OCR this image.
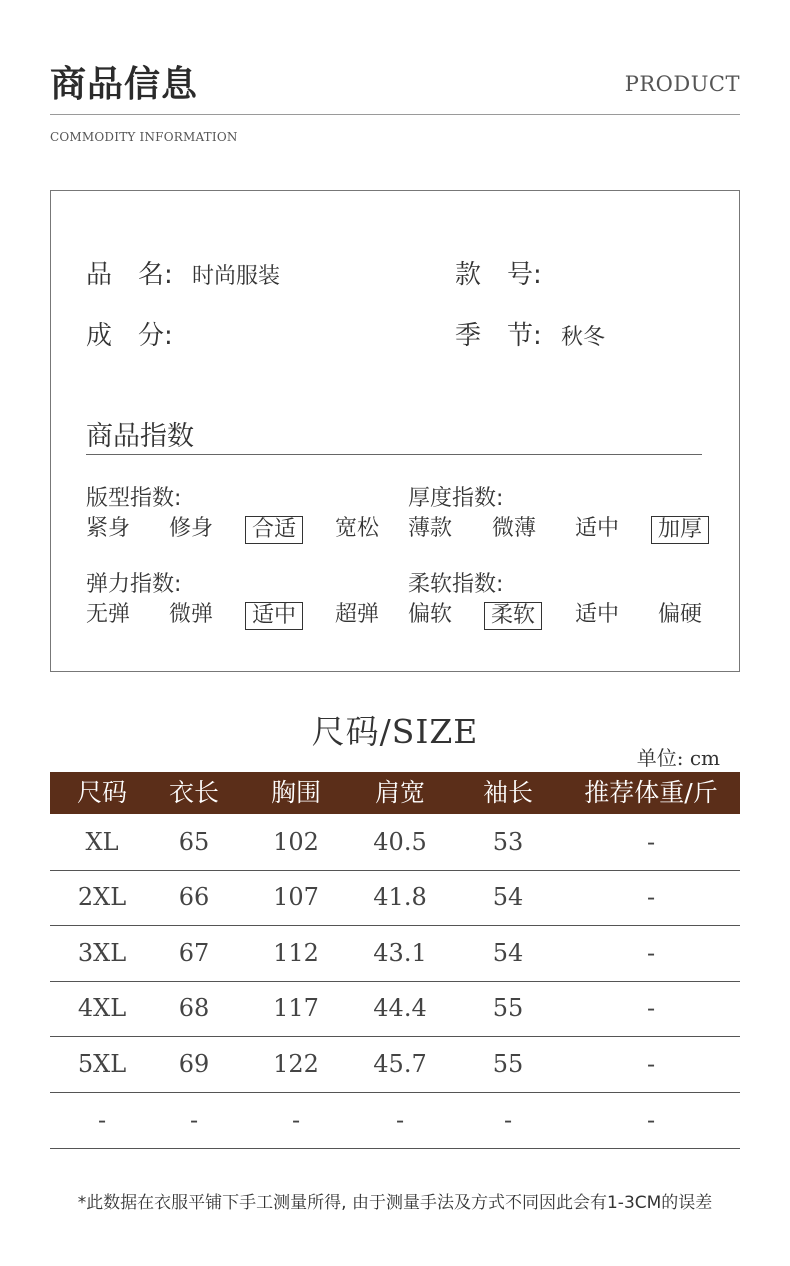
商品信息	PRODUCT
COMMODITY INFORMATION
品　名: 时尚服装	款　号:
成　分:	季　节: 秋冬
商品指数
版型指数:
紧身 修身	合适	宽松
厚度指数:
薄款 微薄 适中	加厚
弹力指数:
无弹 微弹	适中	超弹
柔软指数:
偏软	柔软	适中 偏硬
尺码/SIZE
单位: cm
尺码	衣长	胸围	肩宽	袖长	推荐体重/斤
XL	65	102	40.5	53	-
2XL	66	107	41.8	54	-
3XL	67	112	43.1	54	-
4XL	68	117	44.4	55	-
5XL	69	122	45.7	55	-
-	-	-	-	-	-
*此数据在衣服平铺下手工测量所得, 由于测量手法及方式不同因此会有1-3CM的误差
